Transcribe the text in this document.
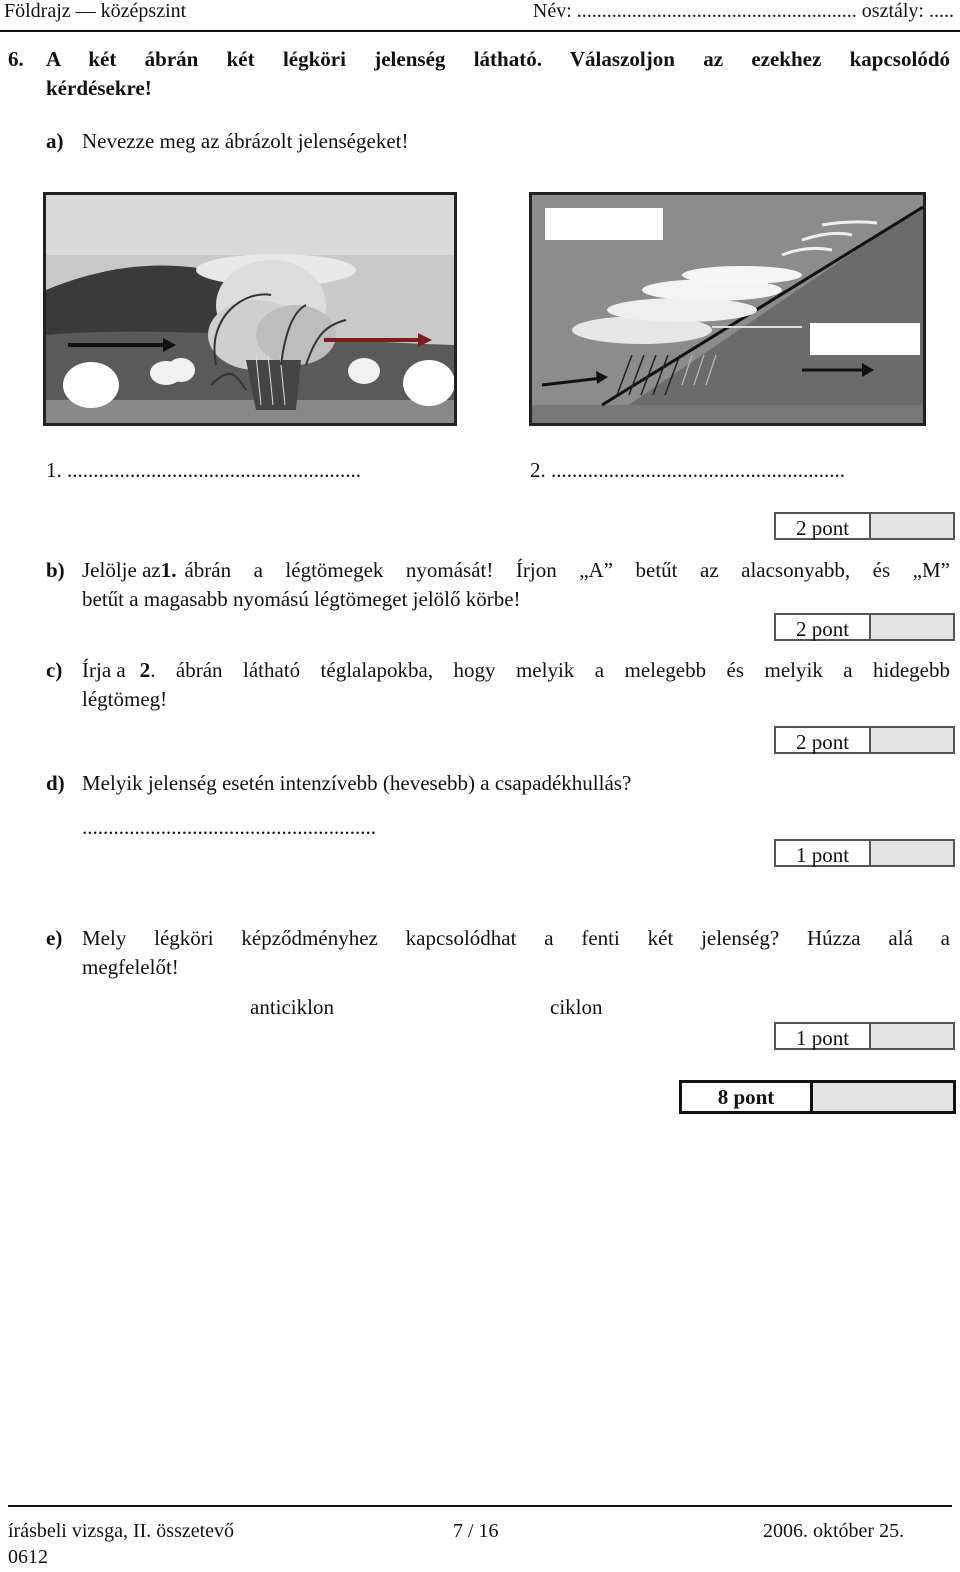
Földrajz — középszint	Név: ........................................................ osztály: .....
6. A két ábrán két légköri jelenség látható. Válaszoljon az ezekhez kapcsolódó
kérdésekre!
a) Nevezze meg az ábrázolt jelenségeket!
1. ........................................................	2. ........................................................
2 pont
b) Jelölje az 1. ábrán a légtömegek nyomását! Írjon „A” betűt az alacsonyabb, és „M”
betűt a magasabb nyomású légtömeget jelölő körbe!
2 pont
c) Írja a 2 . ábrán látható téglalapokba, hogy melyik a melegebb és melyik a hidegebb
légtömeg!
2 pont
d) Melyik jelenség esetén intenzívebb (hevesebb) a csapadékhullás?
........................................................
1 pont
e) Mely légköri képződményhez kapcsolódhat a fenti két jelenség? Húzza alá a
megfelelőt!
anticiklon	ciklon
1 pont
8 pont
írásbeli vizsga, II. összetevő
0612
7 / 16	2006. október 25.
